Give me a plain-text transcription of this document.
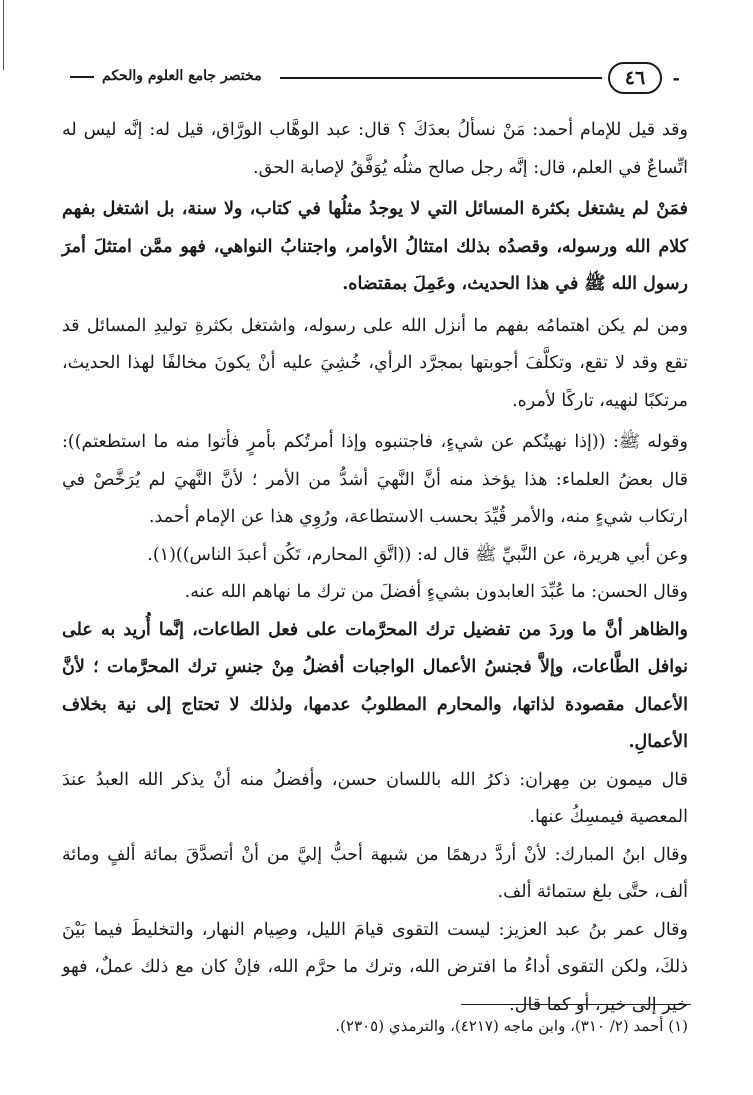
-
٤٦
مختصر جامع العلوم والحكم

وقد قيل للإمام أحمد: مَنْ نسألُ بعدَكَ ؟ قال: عبد الوهَّاب الورَّاق، قيل له: إنَّه ليس له اتِّساعٌ في العلم، قال: إنَّه رجل صالح مثلُه يُوَفَّقُ لإصابة الحق.

فمَنْ لم يشتغل بكثرة المسائل التي لا يوجدُ مثلُها في كتاب، ولا سنة، بل اشتغل بفهم كلام الله ورسوله، وقصدُه بذلك امتثالُ الأوامر، واجتنابُ النواهي، فهو ممَّن امتثلَ أمرَ رسول الله ﷺ في هذا الحديث، وعَمِلَ بمقتضاه.

ومن لم يكن اهتمامُه بفهم ما أنزل الله على رسوله، واشتغل بكثرةِ توليدِ المسائل قد تقع وقد لا تقع، وتكلَّفَ أجوبتها بمجرَّد الرأي، خُشِيَ عليه أنْ يكونَ مخالفًا لهذا الحديث، مرتكبًا لنهيه، تاركًا لأمره.

وقوله ﷺ: ((إذا نهيتُكم عن شيءٍ، فاجتنبوه وإذا أمرتُكم بأمرٍ فأتوا منه ما استطعتم)): قال بعضُ العلماء: هذا يؤخذ منه أنَّ النَّهيَ أشدُّ من الأمر ؛ لأنَّ النَّهيَ لم يُرَخَّصْ في ارتكاب شيءٍ منه، والأمر قُيِّدَ بحسب الاستطاعة، ورُوِي هذا عن الإمام أحمد.

وعن أبي هريرة، عن النَّبيِّ ﷺ قال له: ((اتَّقِ المحارم، تَكُن أعبدَ الناس))(١).

وقال الحسن: ما عُبِّدَ العابدون بشيءٍ أفضلَ من ترك ما نهاهم الله عنه.

والظاهر أنَّ ما وردَ من تفضيل ترك المحرَّمات على فعل الطاعات، إنَّما أُريد به على نوافل الطَّاعات، وإلاَّ فجنسُ الأعمال الواجبات أفضلُ مِنْ جنسِ ترك المحرَّمات ؛ لأنَّ الأعمال مقصودة لذاتها، والمحارم المطلوبُ عدمها، ولذلك لا تحتاج إلى نية بخلاف الأعمالِ.

قال ميمون بن مِهران: ذكرُ الله باللسان حسن، وأفضلُ منه أنْ يذكر الله العبدُ عندَ المعصية فيمسِكُ عنها.

وقال ابنُ المبارك: لأنْ أردَّ درهمًا من شبهة أحبُّ إليَّ من أنْ أتصدَّقَ بمائة ألفٍ ومائة ألف، حتَّى بلغ ستمائة ألف.

وقال عمر بنُ عبد العزيز: ليست التقوى قيامَ الليل، وصِيام النهار، والتخليطَ فيما بَيْنَ ذلكَ، ولكن التقوى أداءُ ما افترض الله، وترك ما حرَّم الله، فإنْ كان مع ذلك عملٌ، فهو خير إلى خير، أو كما قال.

(١) أحمد (٢/ ٣١٠)، وابن ماجه (٤٢١٧)، والترمذي (٢٣٠٥).
